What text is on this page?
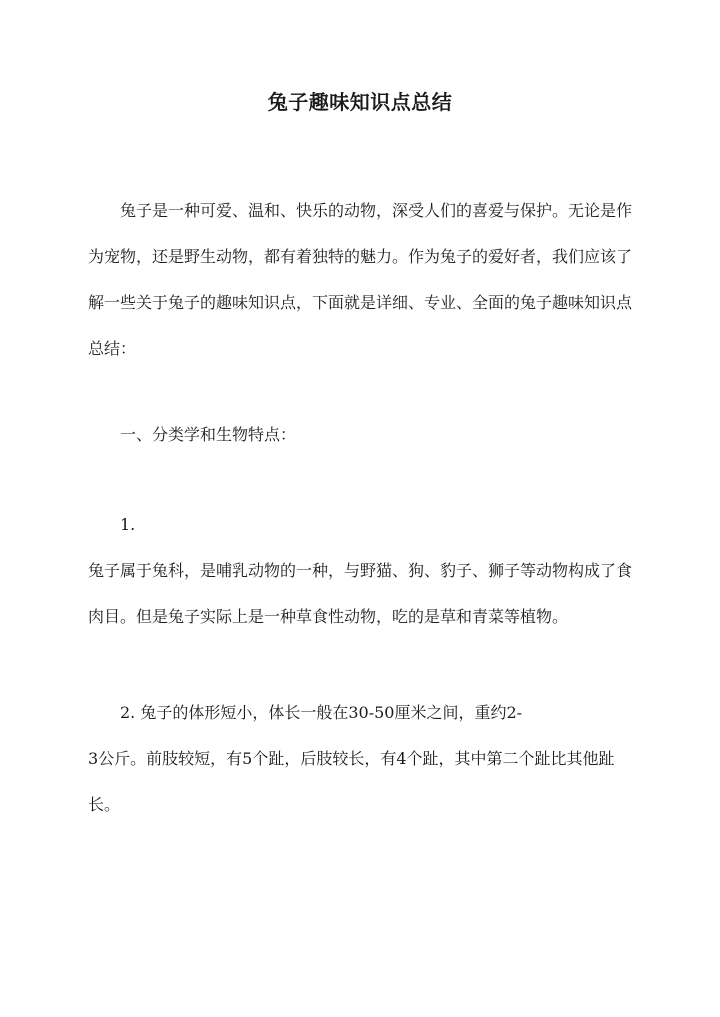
兔子趣味知识点总结

兔子是一种可爱、温和、快乐的动物，深受人们的喜爱与保护。无论是作为宠物，还是野生动物，都有着独特的魅力。作为兔子的爱好者，我们应该了解一些关于兔子的趣味知识点，下面就是详细、专业、全面的兔子趣味知识点总结：

一、分类学和生物特点：

1.

兔子属于兔科，是哺乳动物的一种，与野猫、狗、豹子、狮子等动物构成了食肉目。但是兔子实际上是一种草食性动物，吃的是草和青菜等植物。

2. 兔子的体形短小，体长一般在30-50厘米之间，重约2-

3公斤。前肢较短，有5个趾，后肢较长，有4个趾，其中第二个趾比其他趾长。
